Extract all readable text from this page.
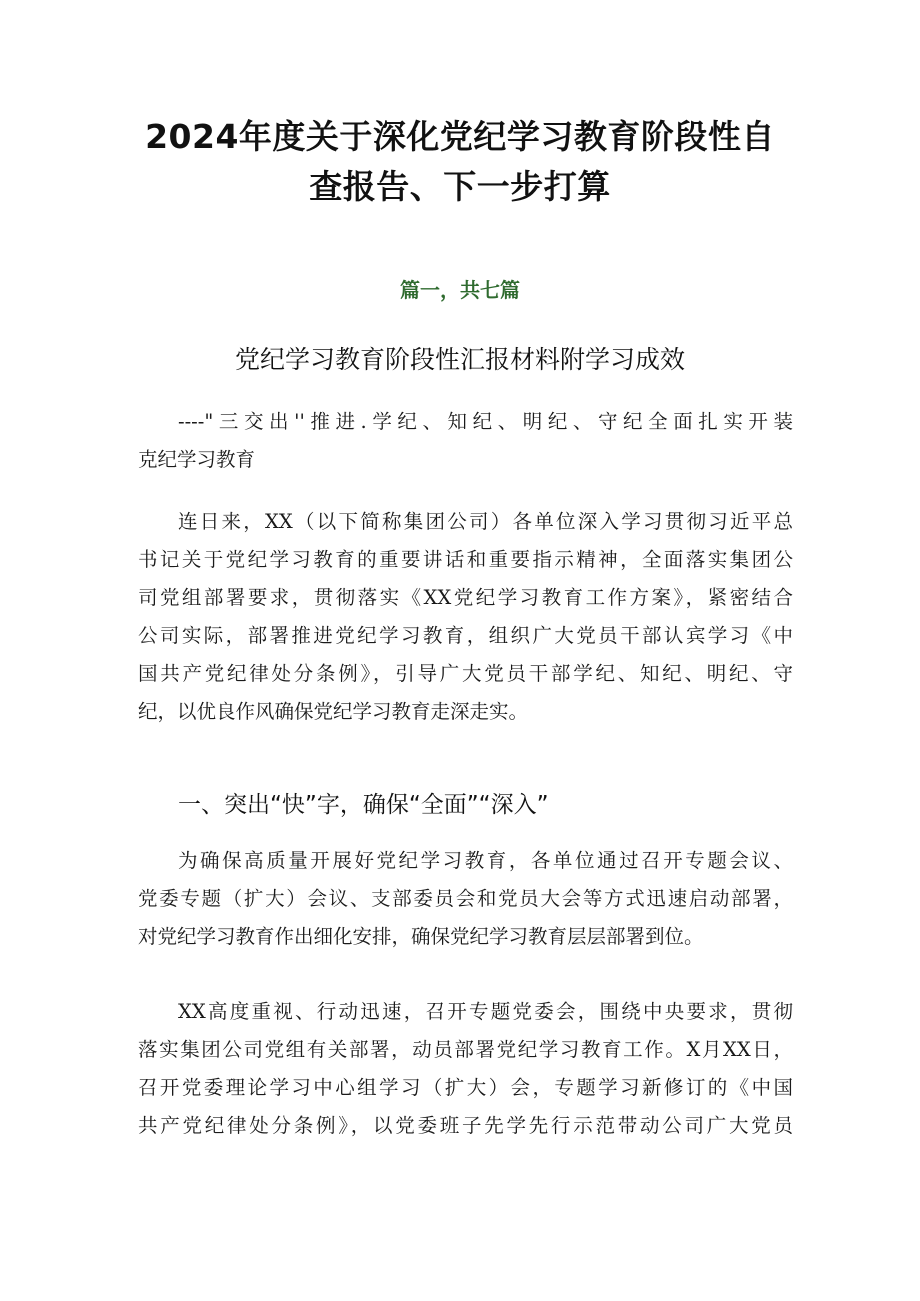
2024年度关于深化党纪学习教育阶段性自
查报告、下一步打算
篇一，共七篇
党纪学习教育阶段性汇报材料附学习成效
----"三交出''推进.学纪、知纪、明纪、守纪全面扎实开装
克纪学习教育
连日来，XX（以下简称集团公司）各单位深入学习贯彻习近平总
书记关于党纪学习教育的重要讲话和重要指示精神，全面落实集团公
司党组部署要求，贯彻落实《XX党纪学习教育工作方案》，紧密结合
公司实际，部署推进党纪学习教育，组织广大党员干部认宾学习《中
国共产党纪律处分条例》，引导广大党员干部学纪、知纪、明纪、守
纪，以优良作风确保党纪学习教育走深走实。
一、突出“快”字，确保“全面”“深入”
为确保高质量开展好党纪学习教育，各单位通过召开专题会议、
党委专题（扩大）会议、支部委员会和党员大会等方式迅速启动部署，
对党纪学习教育作出细化安排，确保党纪学习教育层层部署到位。
XX高度重视、行动迅速，召开专题党委会，围绕中央要求，贯彻
落实集团公司党组有关部署，动员部署党纪学习教育工作。X月XX日，
召开党委理论学习中心组学习（扩大）会，专题学习新修订的《中国
共产党纪律处分条例》，以党委班子先学先行示范带动公司广大党员
